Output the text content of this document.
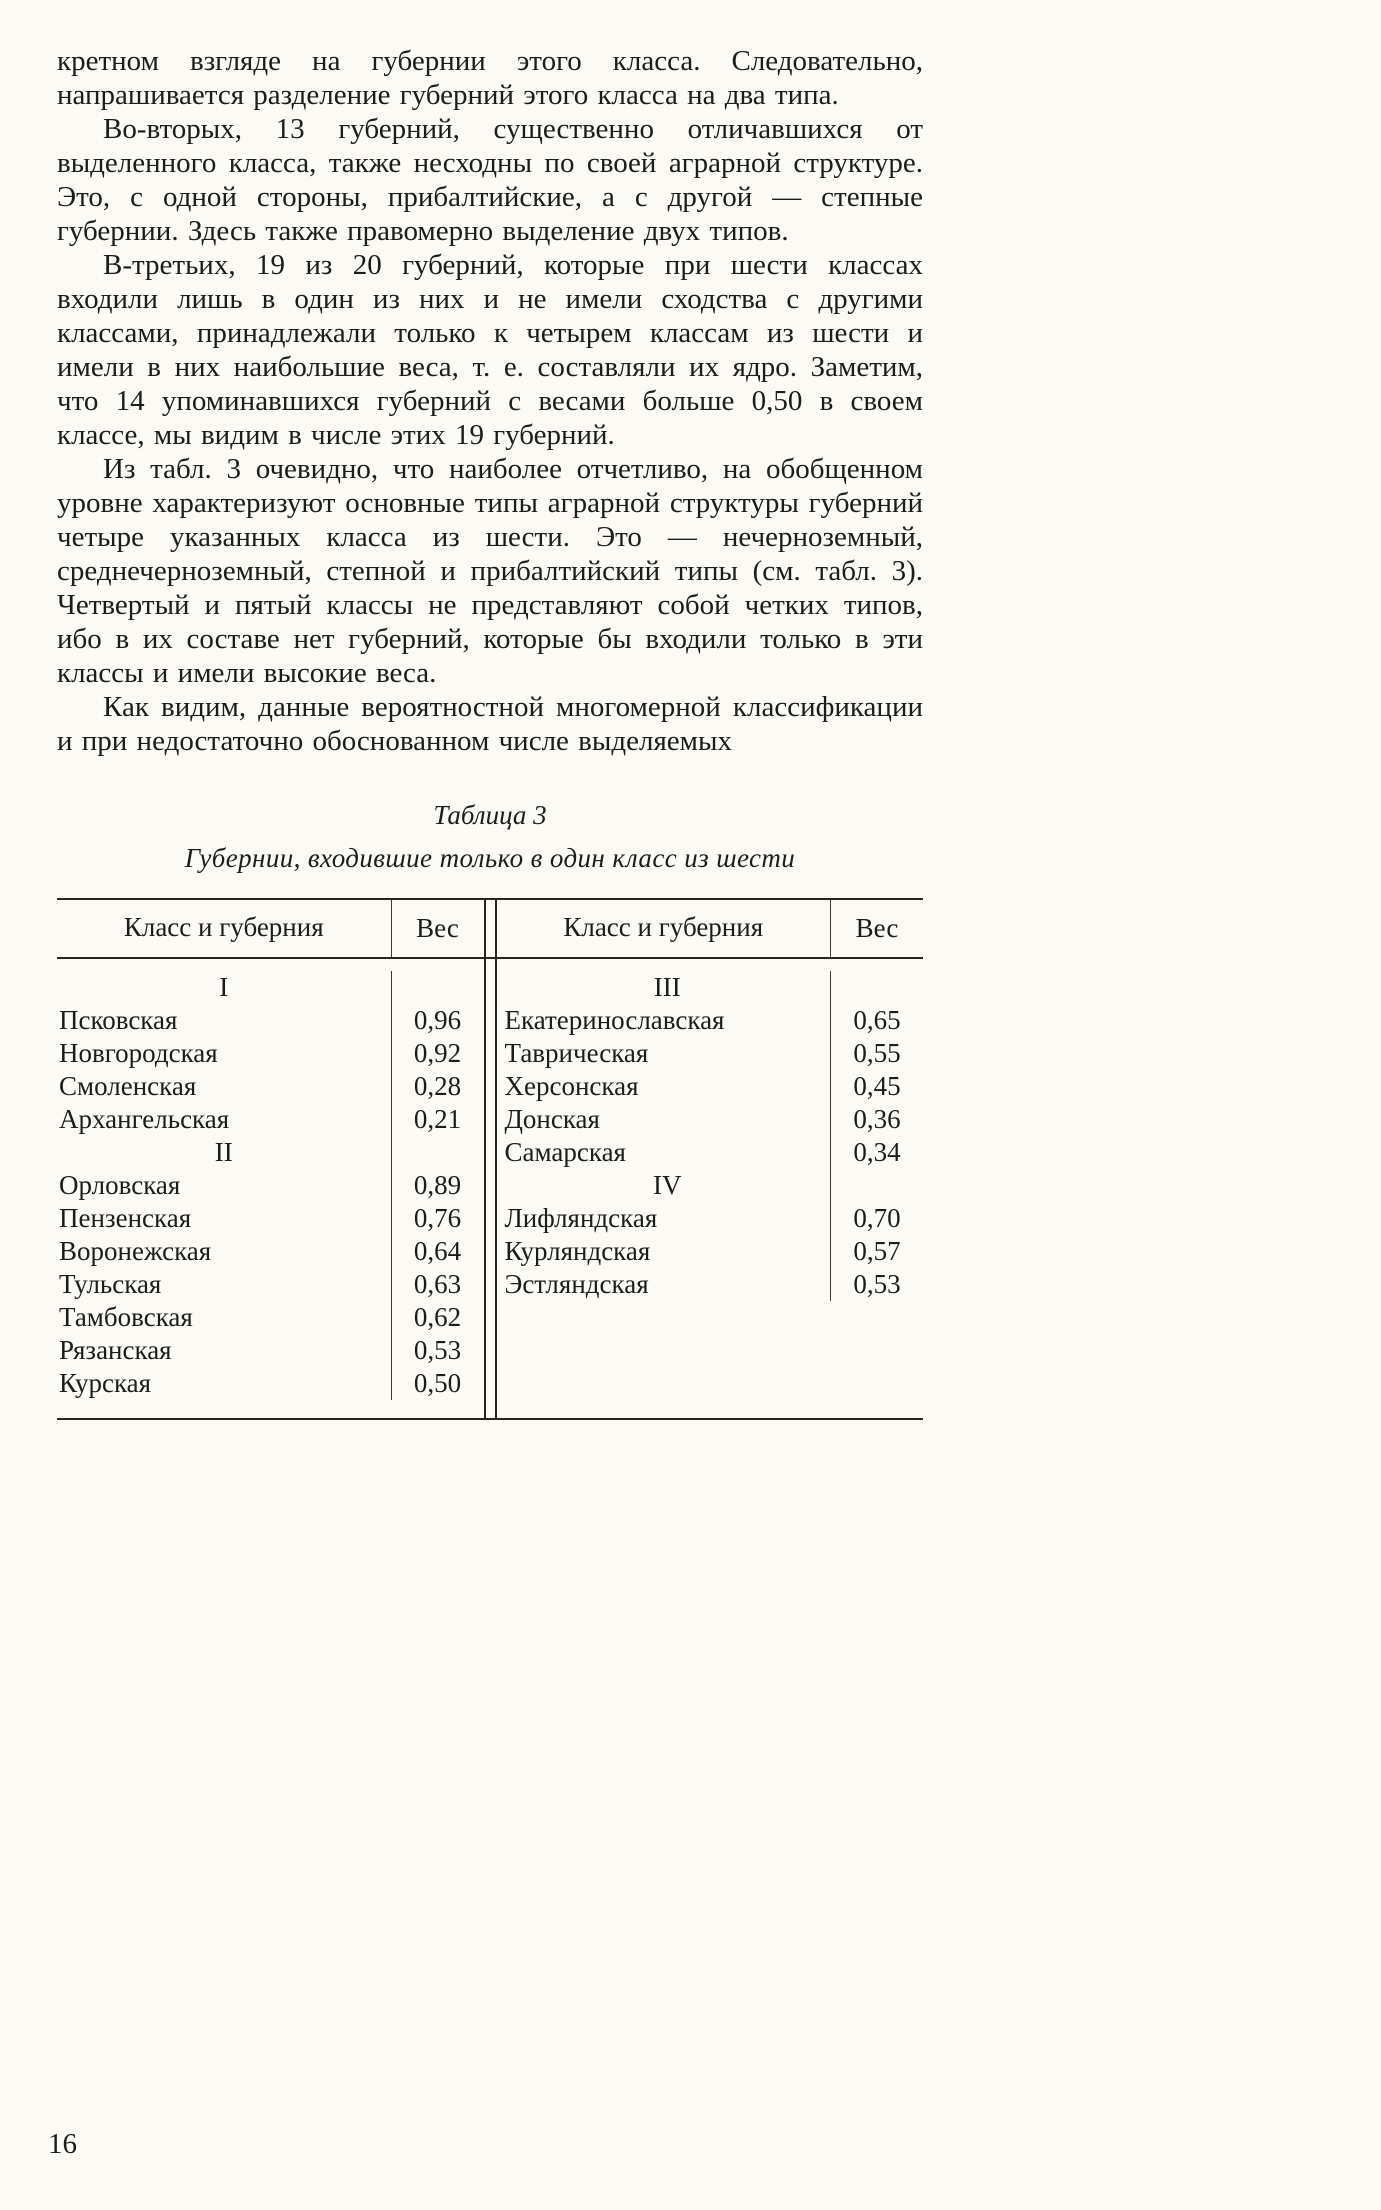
кретном взгляде на губернии этого класса. Следовательно, напрашивается разделение губерний этого класса на два типа.

Во-вторых, 13 губерний, существенно отличавшихся от выделенного класса, также несходны по своей аграрной структуре. Это, с одной стороны, прибалтийские, а с другой — степные губернии. Здесь также правомерно выделение двух типов.

В-третьих, 19 из 20 губерний, которые при шести классах входили лишь в один из них и не имели сходства с другими классами, принадлежали только к четырем классам из шести и имели в них наибольшие веса, т. е. составляли их ядро. Заметим, что 14 упоминавшихся губерний с весами больше 0,50 в своем классе, мы видим в числе этих 19 губерний.

Из табл. 3 очевидно, что наиболее отчетливо, на обобщенном уровне характеризуют основные типы аграрной структуры губерний четыре указанных класса из шести. Это — нечерноземный, среднечерноземный, степной и прибалтийский типы (см. табл. 3). Четвертый и пятый классы не представляют собой четких типов, ибо в их составе нет губерний, которые бы входили только в эти классы и имели высокие веса.

Как видим, данные вероятностной многомерной классификации и при недостаточно обоснованном числе выделяемых

Таблица 3
Губернии, входившие только в один класс из шести
Класс и губерния	Вес	Класс и губерния	Вес
I
Псковская	0,96
Новгородская	0,92
Смоленская	0,28
Архангельская	0,21
II
Орловская	0,89
Пензенская	0,76
Воронежская	0,64
Тульская	0,63
Тамбовская	0,62
Рязанская	0,53
Курская	0,50
III
Екатеринославская	0,65
Таврическая	0,55
Херсонская	0,45
Донская	0,36
Самарская	0,34
IV
Лифляндская	0,70
Курляндская	0,57
Эстляндская	0,53
16
